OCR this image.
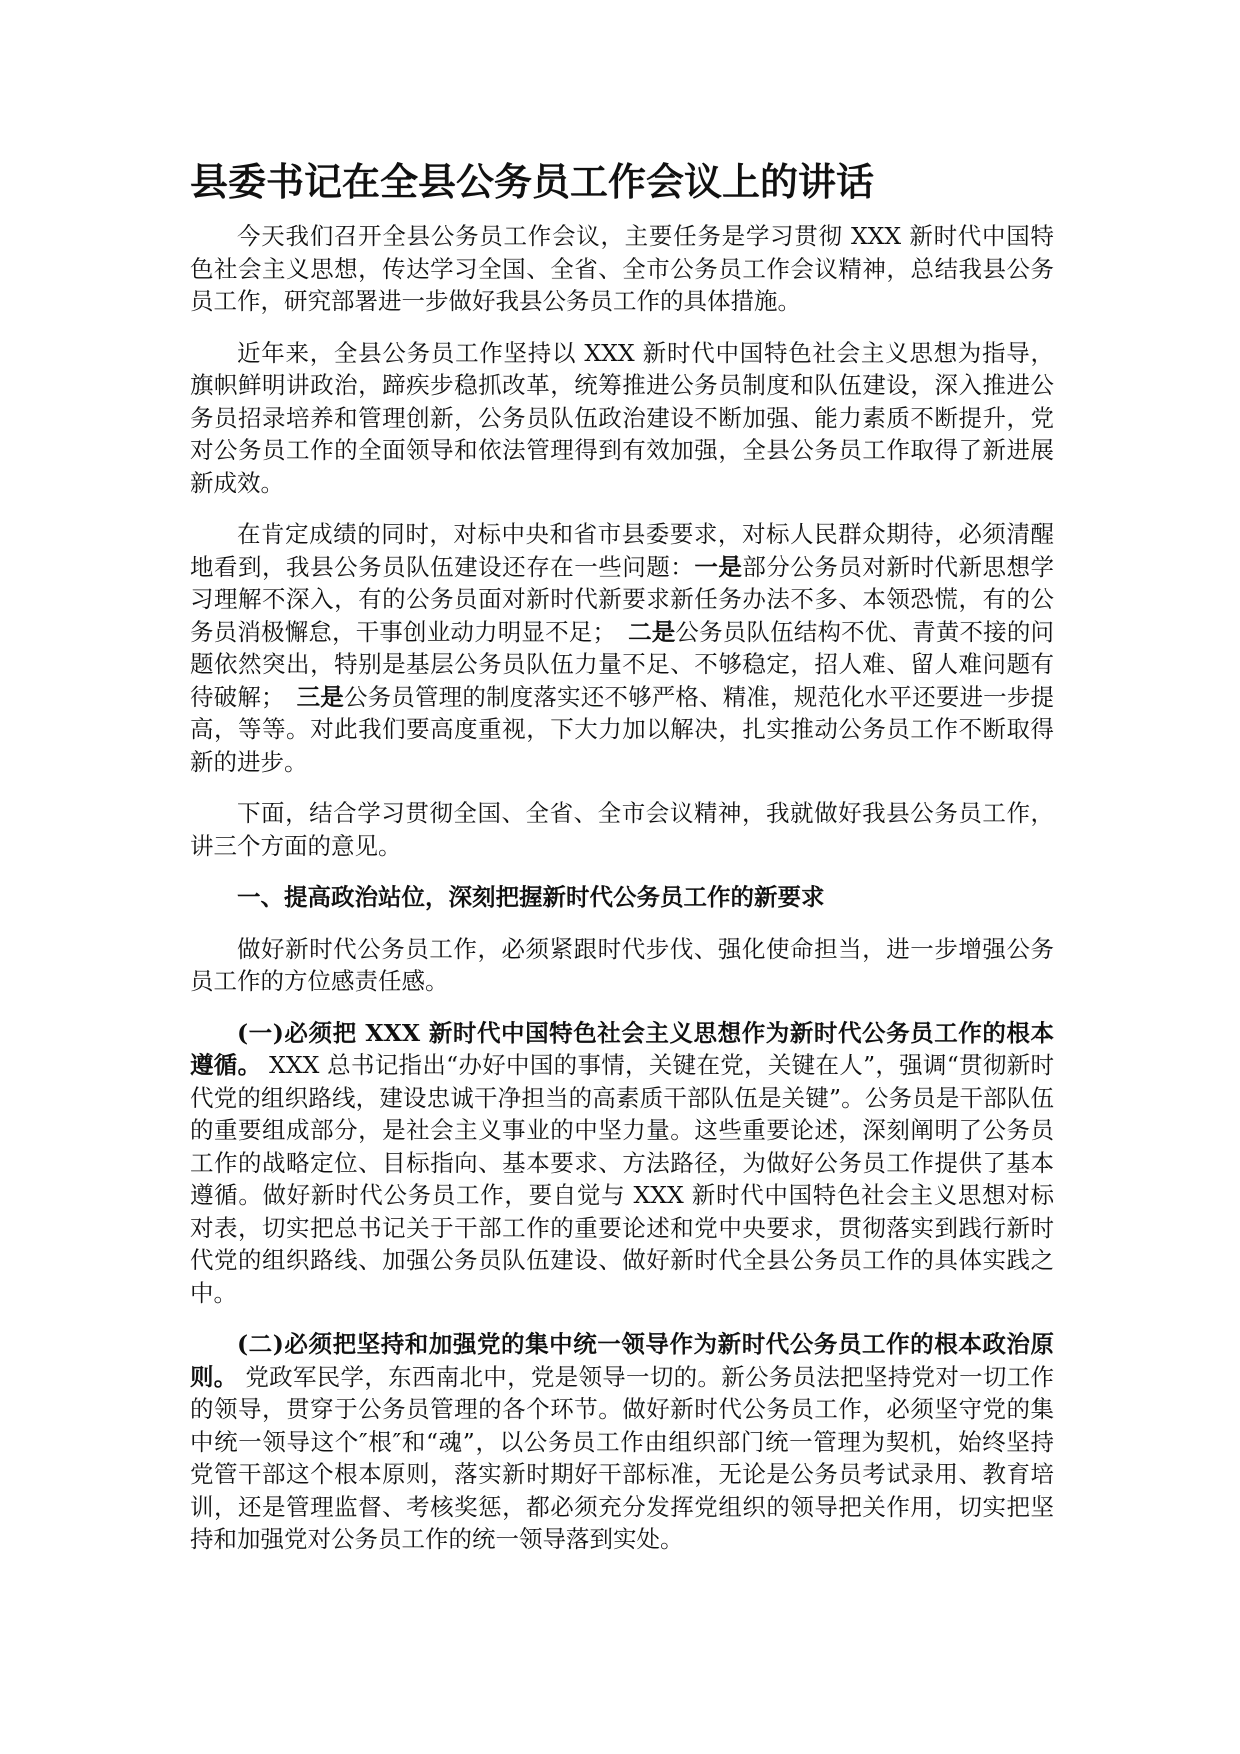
县委书记在全县公务员工作会议上的讲话

今天我们召开全县公务员工作会议，主要任务是学习贯彻 XXX 新时代中国特色社会主义思想，传达学习全国、全省、全市公务员工作会议精神，总结我县公务员工作，研究部署进一步做好我县公务员工作的具体措施。

近年来，全县公务员工作坚持以 XXX 新时代中国特色社会主义思想为指导，旗帜鲜明讲政治，蹄疾步稳抓改革，统筹推进公务员制度和队伍建设，深入推进公务员招录培养和管理创新，公务员队伍政治建设不断加强、能力素质不断提升，党对公务员工作的全面领导和依法管理得到有效加强，全县公务员工作取得了新进展新成效。

在肯定成绩的同时，对标中央和省市县委要求，对标人民群众期待，必须清醒地看到，我县公务员队伍建设还存在一些问题：一是部分公务员对新时代新思想学习理解不深入，有的公务员面对新时代新要求新任务办法不多、本领恐慌，有的公务员消极懈怠，干事创业动力明显不足；　二是公务员队伍结构不优、青黄不接的问题依然突出，特别是基层公务员队伍力量不足、不够稳定，招人难、留人难问题有待破解；　三是公务员管理的制度落实还不够严格、精准，规范化水平还要进一步提高，等等。对此我们要高度重视，下大力加以解决，扎实推动公务员工作不断取得新的进步。

下面，结合学习贯彻全国、全省、全市会议精神，我就做好我县公务员工作，讲三个方面的意见。

一、提高政治站位，深刻把握新时代公务员工作的新要求

做好新时代公务员工作，必须紧跟时代步伐、强化使命担当，进一步增强公务员工作的方位感责任感。

(一)必须把 XXX 新时代中国特色社会主义思想作为新时代公务员工作的根本遵循。 XXX 总书记指出“办好中国的事情，关键在党，关键在人”，强调“贯彻新时代党的组织路线，建设忠诚干净担当的高素质干部队伍是关键”。公务员是干部队伍的重要组成部分，是社会主义事业的中坚力量。这些重要论述，深刻阐明了公务员工作的战略定位、目标指向、基本要求、方法路径，为做好公务员工作提供了基本遵循。做好新时代公务员工作，要自觉与 XXX 新时代中国特色社会主义思想对标对表，切实把总书记关于干部工作的重要论述和党中央要求，贯彻落实到践行新时代党的组织路线、加强公务员队伍建设、做好新时代全县公务员工作的具体实践之中。

(二)必须把坚持和加强党的集中统一领导作为新时代公务员工作的根本政治原则。 党政军民学，东西南北中，党是领导一切的。新公务员法把坚持党对一切工作的领导，贯穿于公务员管理的各个环节。做好新时代公务员工作，必须坚守党的集中统一领导这个″根″和“魂”，以公务员工作由组织部门统一管理为契机，始终坚持党管干部这个根本原则，落实新时期好干部标准，无论是公务员考试录用、教育培训，还是管理监督、考核奖惩，都必须充分发挥党组织的领导把关作用，切实把坚持和加强党对公务员工作的统一领导落到实处。
